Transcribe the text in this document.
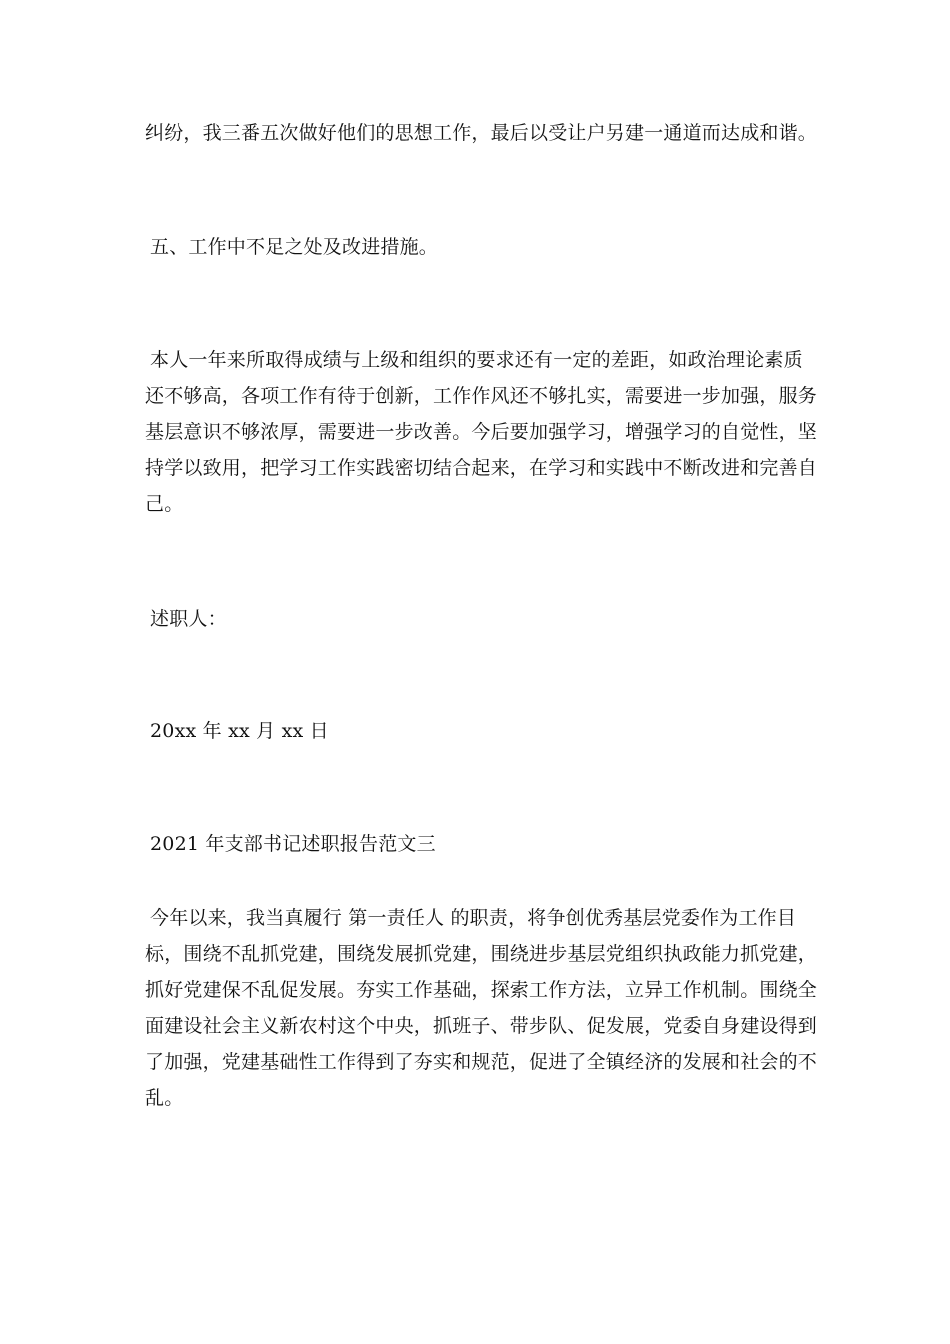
纠纷，我三番五次做好他们的思想工作，最后以受让户另建一通道而达成和谐。
五、工作中不足之处及改进措施。
本人一年来所取得成绩与上级和组织的要求还有一定的差距，如政治理论素质
还不够高，各项工作有待于创新，工作作风还不够扎实，需要进一步加强，服务
基层意识不够浓厚，需要进一步改善。今后要加强学习，增强学习的自觉性，坚
持学以致用，把学习工作实践密切结合起来，在学习和实践中不断改进和完善自
己。
述职人：
20xx 年 xx 月 xx 日
2021 年支部书记述职报告范文三
今年以来，我当真履行 第一责任人 的职责，将争创优秀基层党委作为工作目
标，围绕不乱抓党建，围绕发展抓党建，围绕进步基层党组织执政能力抓党建，
抓好党建保不乱促发展。夯实工作基础，探索工作方法，立异工作机制。围绕全
面建设社会主义新农村这个中央，抓班子、带步队、促发展，党委自身建设得到
了加强，党建基础性工作得到了夯实和规范，促进了全镇经济的发展和社会的不
乱。
